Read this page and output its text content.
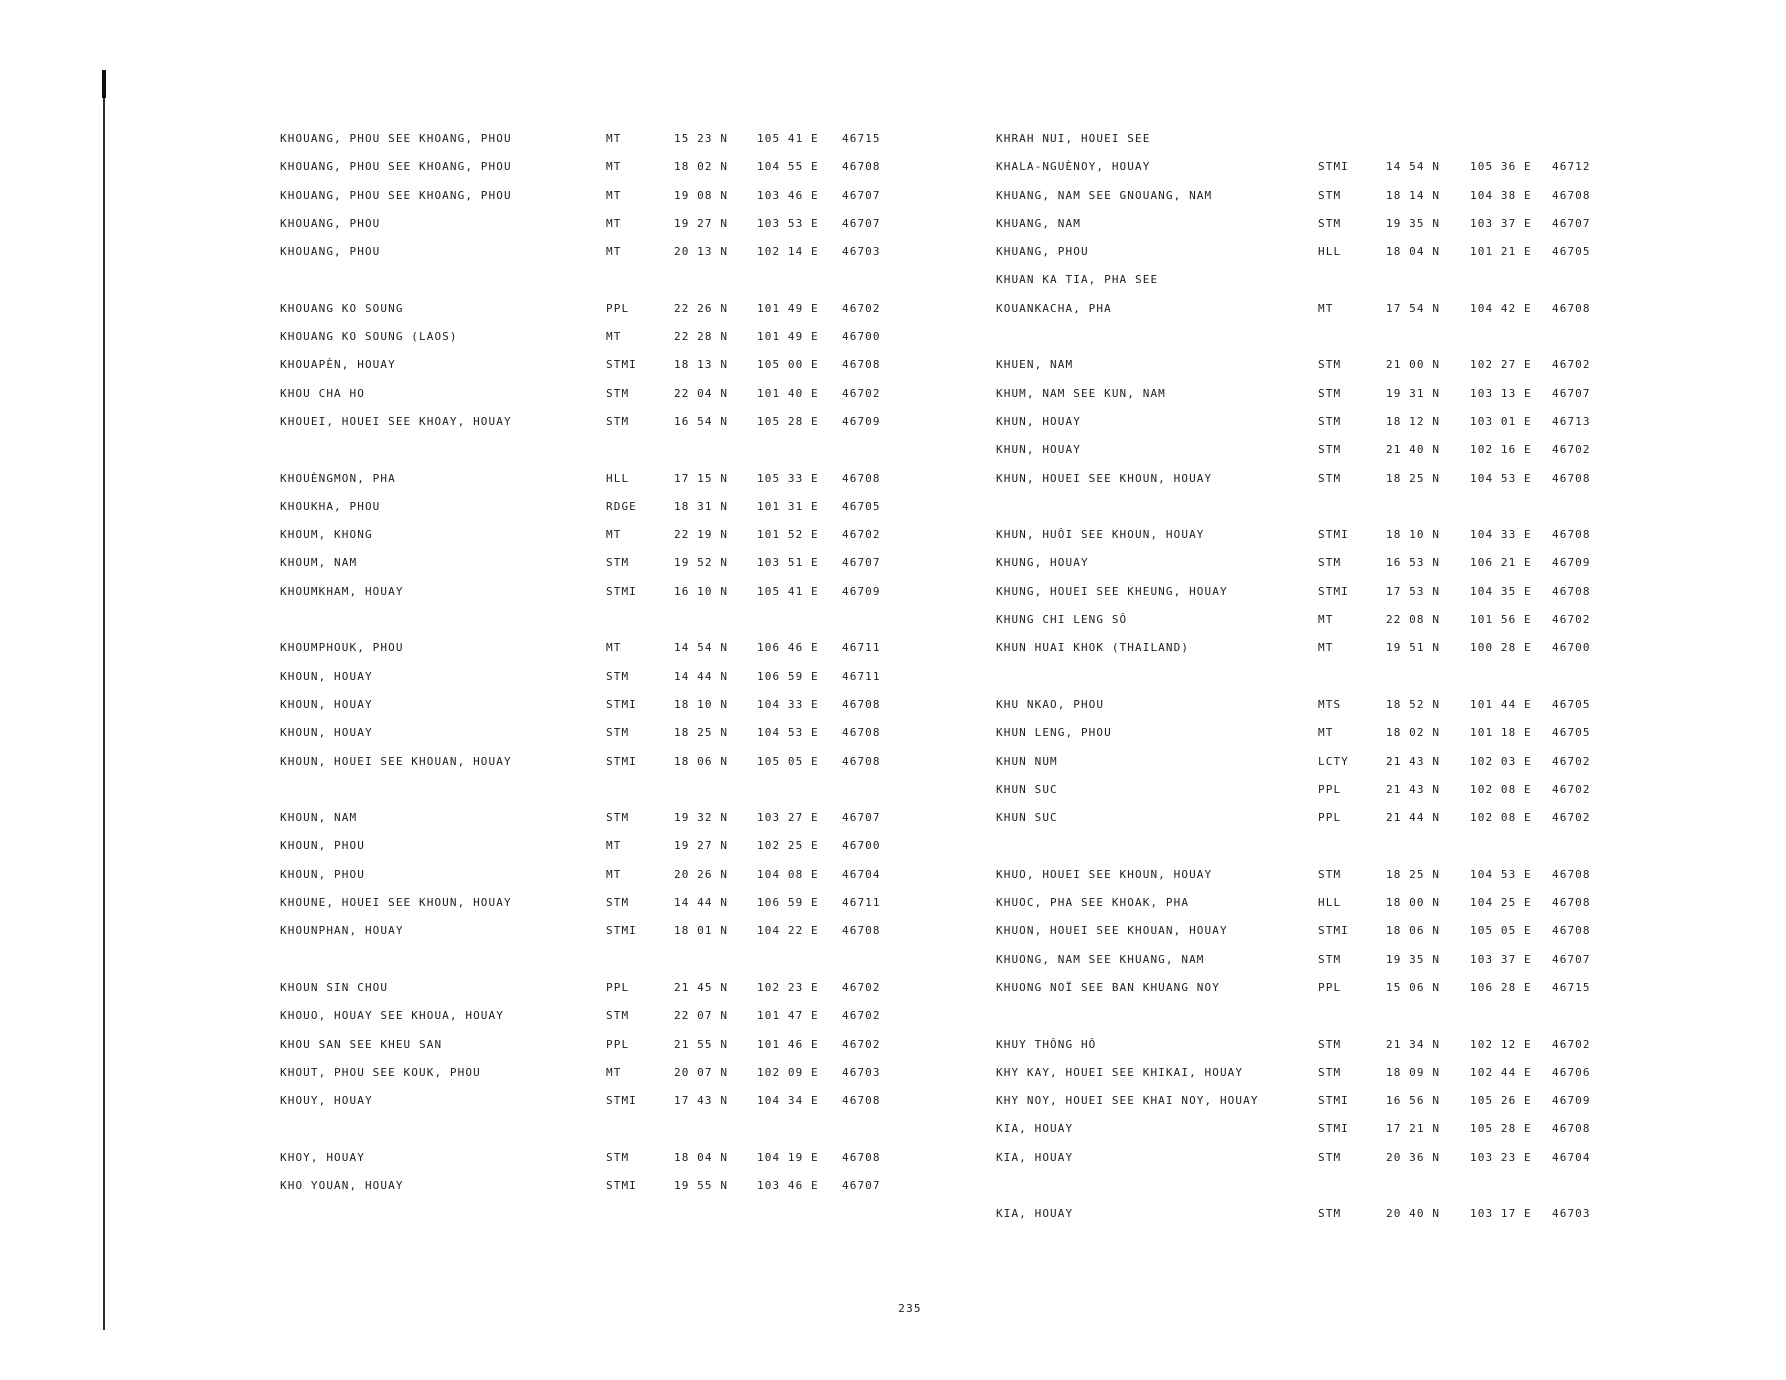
KHOUANG, PHOU SEE KHOANG, PHOU	MT	15 23 N	105 41 E 46715
KHOUANG, PHOU SEE KHOANG, PHOU	MT	18 02 N	104 55 E 46708
KHOUANG, PHOU SEE KHOANG, PHOU	MT	19 08 N	103 46 E 46707
KHOUANG, PHOU	MT	19 27 N	103 53 E 46707
KHOUANG, PHOU	MT	20 13 N	102 14 E 46703
KHOUANG KO SOUNG	PPL	22 26 N	101 49 E 46702
KHOUANG KO SOUNG (LAOS)	MT	22 28 N	101 49 E 46700
KHOUAPÈN, HOUAY	STMI	18 13 N	105 00 E 46708
KHOU CHA HO	STM	22 04 N	101 40 E 46702
KHOUEI, HOUEI SEE KHOAY, HOUAY	STM	16 54 N	105 28 E 46709
KHOUÈNGMON, PHA	HLL	17 15 N	105 33 E 46708
KHOUKHA, PHOU	RDGE	18 31 N	101 31 E 46705
KHOUM, KHONG	MT	22 19 N	101 52 E 46702
KHOUM, NAM	STM	19 52 N	103 51 E 46707
KHOUMKHAM, HOUAY	STMI	16 10 N	105 41 E 46709
KHOUMPHOUK, PHOU	MT	14 54 N	106 46 E 46711
KHOUN, HOUAY	STM	14 44 N	106 59 E 46711
KHOUN, HOUAY	STMI	18 10 N	104 33 E 46708
KHOUN, HOUAY	STM	18 25 N	104 53 E 46708
KHOUN, HOUEI SEE KHOUAN, HOUAY	STMI	18 06 N	105 05 E 46708
KHOUN, NAM	STM	19 32 N	103 27 E 46707
KHOUN, PHOU	MT	19 27 N	102 25 E 46700
KHOUN, PHOU	MT	20 26 N	104 08 E 46704
KHOUNE, HOUEI SEE KHOUN, HOUAY	STM	14 44 N	106 59 E 46711
KHOUNPHAN, HOUAY	STMI	18 01 N	104 22 E 46708
KHOUN SIN CHOU	PPL	21 45 N	102 23 E 46702
KHOUO, HOUAY SEE KHOUA, HOUAY	STM	22 07 N	101 47 E 46702
KHOU SAN SEE KHEU SAN	PPL	21 55 N	101 46 E 46702
KHOUT, PHOU SEE KOUK, PHOU	MT	20 07 N	102 09 E 46703
KHOUY, HOUAY	STMI	17 43 N	104 34 E 46708
KHOY, HOUAY	STM	18 04 N	104 19 E 46708
KHO YOUAN, HOUAY	STMI	19 55 N	103 46 E 46707
KHRAH NUI, HOUEI SEE
KHALA-NGUÈNOY, HOUAY	STMI	14 54 N	105 36 E 46712
KHUANG, NAM SEE GNOUANG, NAM	STM	18 14 N	104 38 E 46708
KHUANG, NAM	STM	19 35 N	103 37 E 46707
KHUANG, PHOU	HLL	18 04 N	101 21 E 46705
KHUAN KA TIA, PHA SEE
KOUANKACHA, PHA	MT	17 54 N	104 42 E 46708
KHUEN, NAM	STM	21 00 N	102 27 E 46702
KHUM, NAM SEE KUN, NAM	STM	19 31 N	103 13 E 46707
KHUN, HOUAY	STM	18 12 N	103 01 E 46713
KHUN, HOUAY	STM	21 40 N	102 16 E 46702
KHUN, HOUEI SEE KHOUN, HOUAY	STM	18 25 N	104 53 E 46708
KHUN, HUÔI SEE KHOUN, HOUAY	STMI	18 10 N	104 33 E 46708
KHUNG, HOUAY	STM	16 53 N	106 21 E 46709
KHUNG, HOUEI SEE KHEUNG, HOUAY	STMI	17 53 N	104 35 E 46708
KHUNG CHI LENG SÔ	MT	22 08 N	101 56 E 46702
KHUN HUAI KHOK (THAILAND)	MT	19 51 N	100 28 E 46700
KHU NKAO, PHOU	MTS	18 52 N	101 44 E 46705
KHUN LENG, PHOU	MT	18 02 N	101 18 E 46705
KHUN NUM	LCTY	21 43 N	102 03 E 46702
KHUN SUC	PPL	21 43 N	102 08 E 46702
KHUN SUC	PPL	21 44 N	102 08 E 46702
KHUO, HOUEI SEE KHOUN, HOUAY	STM	18 25 N	104 53 E 46708
KHUOC, PHA SEE KHOAK, PHA	HLL	18 00 N	104 25 E 46708
KHUON, HOUEI SEE KHOUAN, HOUAY	STMI	18 06 N	105 05 E 46708
KHUONG, NAM SEE KHUANG, NAM	STM	19 35 N	103 37 E 46707
KHUONG NOÏ SEE BAN KHUANG NOY	PPL	15 06 N	106 28 E 46715
KHUY THÔNG HÔ	STM	21 34 N	102 12 E 46702
KHY KAY, HOUEI SEE KHIKAI, HOUAY	STM	18 09 N	102 44 E 46706
KHY NOY, HOUEI SEE KHAI NOY, HOUAY	STMI	16 56 N	105 26 E 46709
KIA, HOUAY	STMI	17 21 N	105 28 E 46708
KIA, HOUAY	STM	20 36 N	103 23 E 46704
KIA, HOUAY	STM	20 40 N	103 17 E 46703
235
